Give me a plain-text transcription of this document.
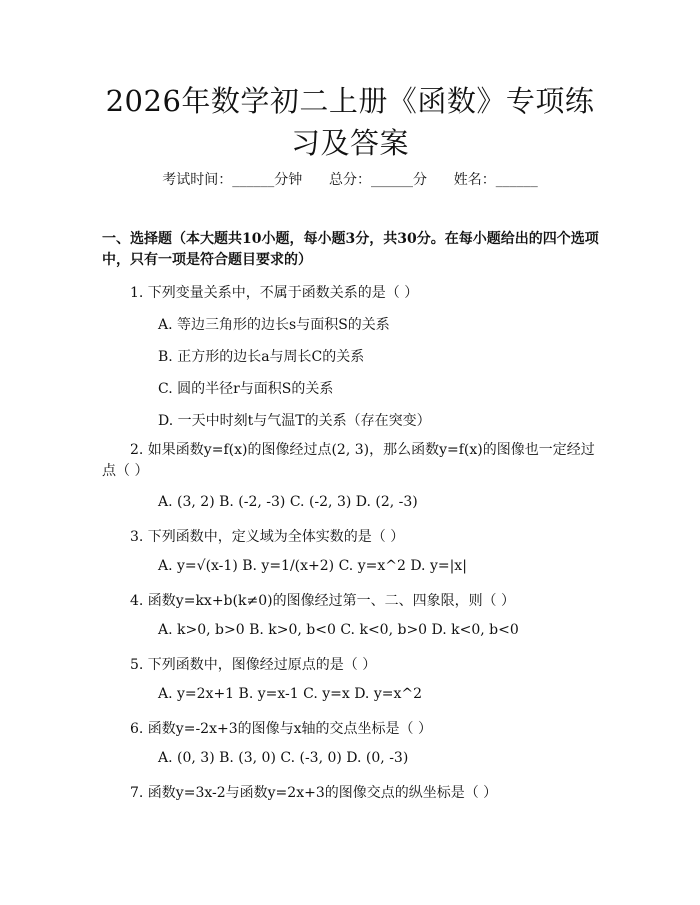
2026年数学初二上册《函数》专项练习及答案
考试时间：______分钟      总分：______分      姓名：______
一、选择题（本大题共10小题，每小题3分，共30分。在每小题给出的四个选项中，只有一项是符合题目要求的）
1. 下列变量关系中，不属于函数关系的是（ ）
A. 等边三角形的边长s与面积S的关系
B. 正方形的边长a与周长C的关系
C. 圆的半径r与面积S的关系
D. 一天中时刻t与气温T的关系（存在突变）
2. 如果函数y=f(x)的图像经过点(2, 3)，那么函数y=f(x)的图像也一定经过点（ ）
A. (3, 2) B. (-2, -3) C. (-2, 3) D. (2, -3)
3. 下列函数中，定义域为全体实数的是（ ）
A. y=√(x-1) B. y=1/(x+2) C. y=x^2 D. y=|x|
4. 函数y=kx+b(k≠0)的图像经过第一、二、四象限，则（ ）
A. k>0, b>0 B. k>0, b<0 C. k<0, b>0 D. k<0, b<0
5. 下列函数中，图像经过原点的是（ ）
A. y=2x+1 B. y=x-1 C. y=x D. y=x^2
6. 函数y=-2x+3的图像与x轴的交点坐标是（ ）
A. (0, 3) B. (3, 0) C. (-3, 0) D. (0, -3)
7. 函数y=3x-2与函数y=2x+3的图像交点的纵坐标是（ ）
